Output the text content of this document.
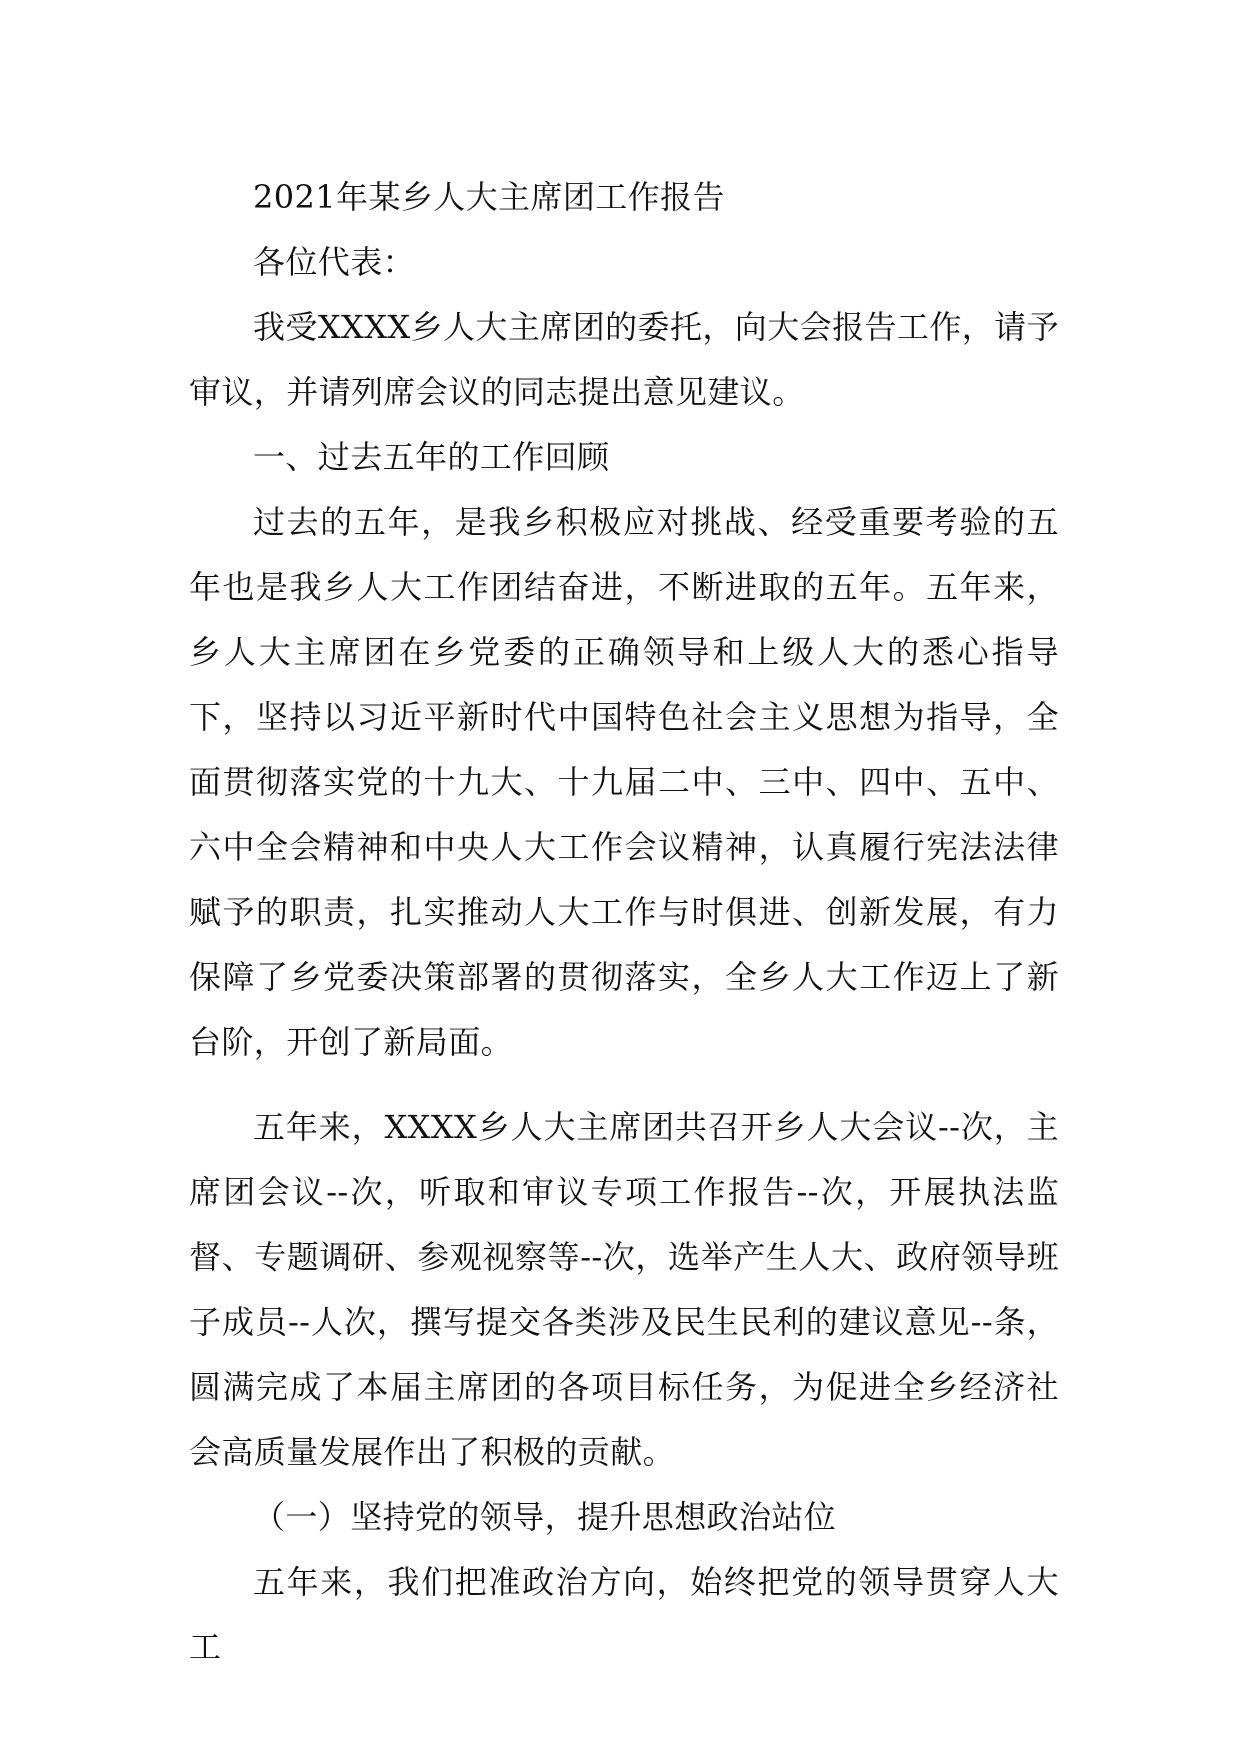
2021年某乡人大主席团工作报告

各位代表：

我受XXXX乡人大主席团的委托，向大会报告工作，请予审议，并请列席会议的同志提出意见建议。

一、过去五年的工作回顾

过去的五年，是我乡积极应对挑战、经受重要考验的五年也是我乡人大工作团结奋进，不断进取的五年。五年来，乡人大主席团在乡党委的正确领导和上级人大的悉心指导下，坚持以习近平新时代中国特色社会主义思想为指导，全面贯彻落实党的十九大、十九届二中、三中、四中、五中、六中全会精神和中央人大工作会议精神，认真履行宪法法律赋予的职责，扎实推动人大工作与时俱进、创新发展，有力保障了乡党委决策部署的贯彻落实，全乡人大工作迈上了新台阶，开创了新局面。

五年来，XXXX乡人大主席团共召开乡人大会议--次，主席团会议--次，听取和审议专项工作报告--次，开展执法监督、专题调研、参观视察等--次，选举产生人大、政府领导班子成员--人次，撰写提交各类涉及民生民利的建议意见--条，圆满完成了本届主席团的各项目标任务，为促进全乡经济社会高质量发展作出了积极的贡献。

（一）坚持党的领导，提升思想政治站位

五年来，我们把准政治方向，始终把党的领导贯穿人大工
